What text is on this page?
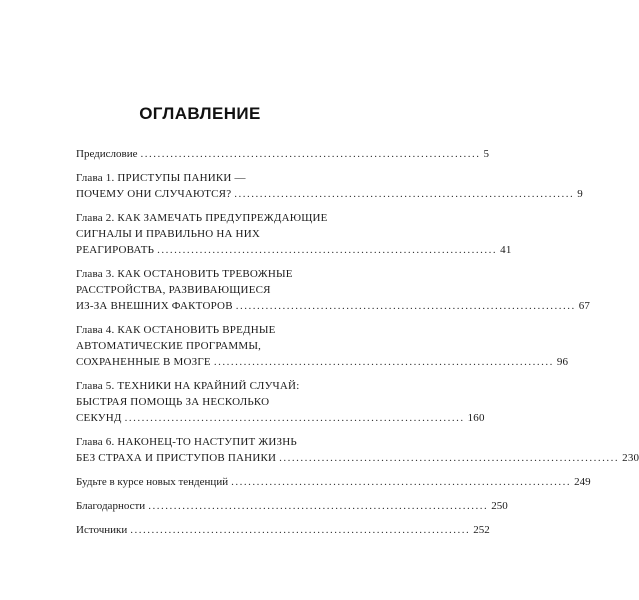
ОГЛАВЛЕНИЕ
Предисловие ................................................................................ 5
Глава 1. ПРИСТУПЫ ПАНИКИ —
ПОЧЕМУ ОНИ СЛУЧАЮТСЯ? ................................................................................ 9
Глава 2. КАК ЗАМЕЧАТЬ ПРЕДУПРЕЖДАЮЩИЕ
СИГНАЛЫ И ПРАВИЛЬНО НА НИХ
РЕАГИРОВАТЬ ................................................................................ 41
Глава 3. КАК ОСТАНОВИТЬ ТРЕВОЖНЫЕ
РАССТРОЙСТВА, РАЗВИВАЮЩИЕСЯ
ИЗ-ЗА ВНЕШНИХ ФАКТОРОВ ................................................................................ 67
Глава 4. КАК ОСТАНОВИТЬ ВРЕДНЫЕ
АВТОМАТИЧЕСКИЕ ПРОГРАММЫ,
СОХРАНЕННЫЕ В МОЗГЕ ................................................................................ 96
Глава 5. ТЕХНИКИ НА КРАЙНИЙ СЛУЧАЙ:
БЫСТРАЯ ПОМОЩЬ ЗА НЕСКОЛЬКО
СЕКУНД ................................................................................ 160
Глава 6. НАКОНЕЦ-ТО НАСТУПИТ ЖИЗНЬ
БЕЗ СТРАХА И ПРИСТУПОВ ПАНИКИ ................................................................................ 230
Будьте в курсе новых тенденций ................................................................................ 249
Благодарности ................................................................................ 250
Источники ................................................................................ 252
